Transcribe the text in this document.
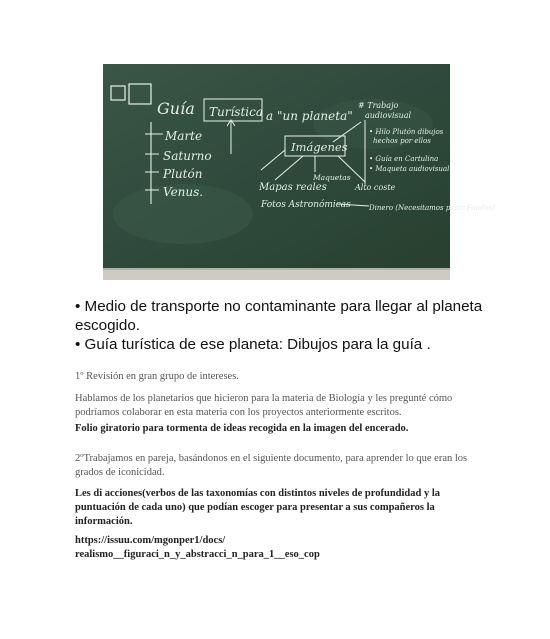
Guía Turística a "un planeta"
Marte
Saturno
Plutón
Venus.
# Trabajo
audiovisual
Imágenes
• Hilo Plutón dibujos
hechos por ellos
• Guía en Cartulina
• Maqueta audiovisual
Mapas reales
Maquetas
Fotos Astronómicas
Alto coste
Dinero (Necesitamos pedir Fondos)

• Medio de transporte no contaminante para llegar al planeta escogido.

• Guía turística de ese planeta: Dibujos para la guía .

1º Revisión en gran grupo de intereses.
Hablamos de los planetarios que hicieron para la materia de Biología y les pregunté cómo podríamos colaborar en esta materia con los proyectos anteriormente escritos.
Folio giratorio para tormenta de ideas recogida en la imagen del encerado.
2ºTrabajamos en pareja, basándonos en el siguiente documento, para aprender lo que eran los grados de iconicidad.
Les di acciones(verbos de las taxonomías con distintos niveles de profundidad y la puntuación de cada uno) que podían escoger para presentar a sus compañeros la información.
https://issuu.com/mgonper1/docs/
realismo__figuraci_n_y_abstracci_n_para_1__eso_cop
